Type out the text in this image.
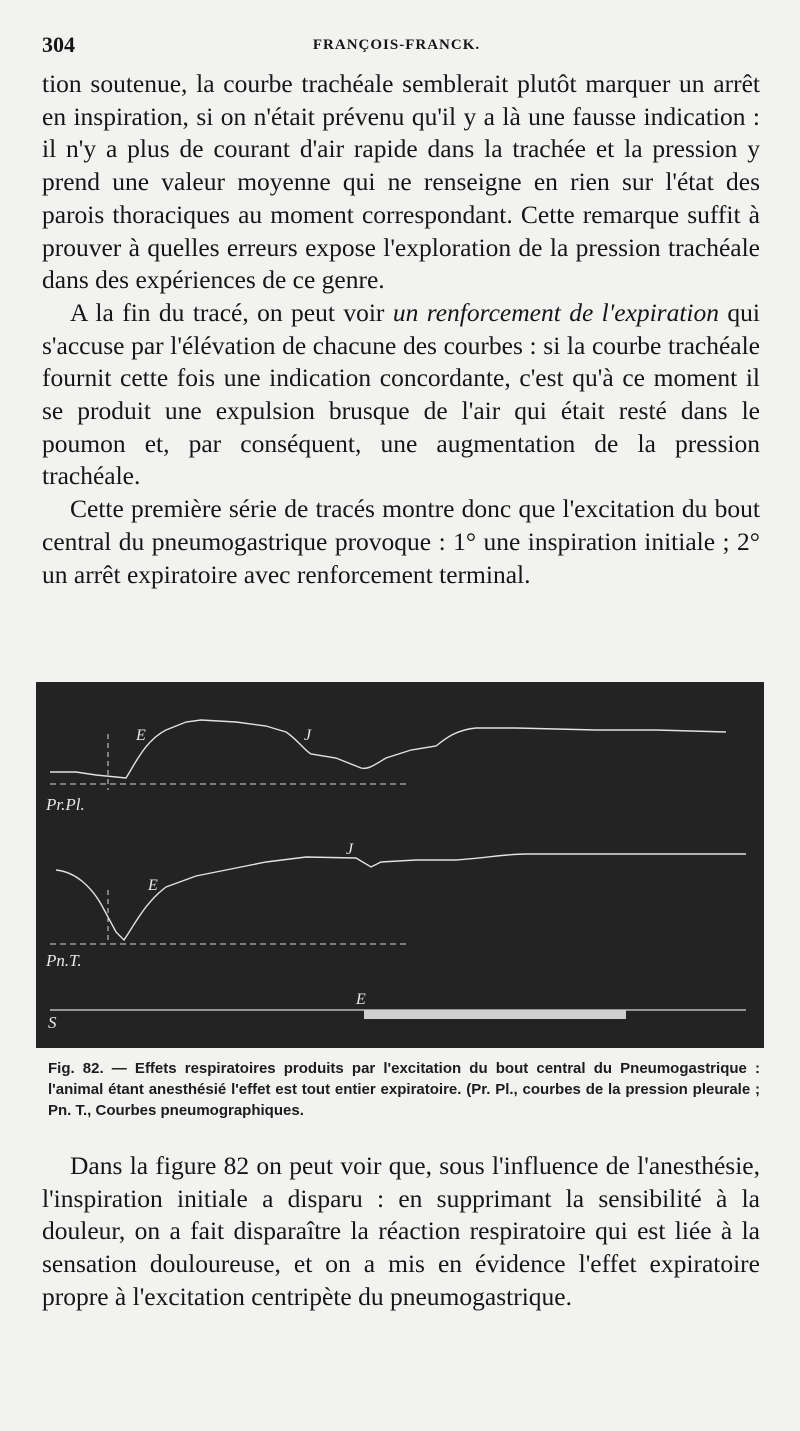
304	FRANÇOIS-FRANCK.

tion soutenue, la courbe trachéale semblerait plutôt marquer un arrêt en inspiration, si on n'était prévenu qu'il y a là une fausse indication : il n'y a plus de courant d'air rapide dans la trachée et la pression y prend une valeur moyenne qui ne renseigne en rien sur l'état des parois thoraciques au moment correspondant. Cette remarque suffit à prouver à quelles erreurs expose l'exploration de la pression trachéale dans des expériences de ce genre.

A la fin du tracé, on peut voir un renforcement de l'expiration qui s'accuse par l'élévation de chacune des courbes : si la courbe trachéale fournit cette fois une indication concordante, c'est qu'à ce moment il se produit une expulsion brusque de l'air qui était resté dans le poumon et, par conséquent, une augmentation de la pression trachéale.

Cette première série de tracés montre donc que l'excitation du bout central du pneumogastrique provoque : 1° une inspiration initiale ; 2° un arrêt expiratoire avec renforcement terminal.

E	J
Pr.Pl.
E
J
Pn.T.
E
S

Fig. 82. — Effets respiratoires produits par l'excitation du bout central du Pneumogastrique : l'animal étant anesthésié l'effet est tout entier expiratoire. (Pr. Pl., courbes de la pression pleurale ; Pn. T., Courbes pneumographiques.

Dans la figure 82 on peut voir que, sous l'influence de l'anesthésie, l'inspiration initiale a disparu : en supprimant la sensibilité à la douleur, on a fait disparaître la réaction respiratoire qui est liée à la sensation douloureuse, et on a mis en évidence l'effet expiratoire propre à l'excitation centripète du pneumogastrique.
